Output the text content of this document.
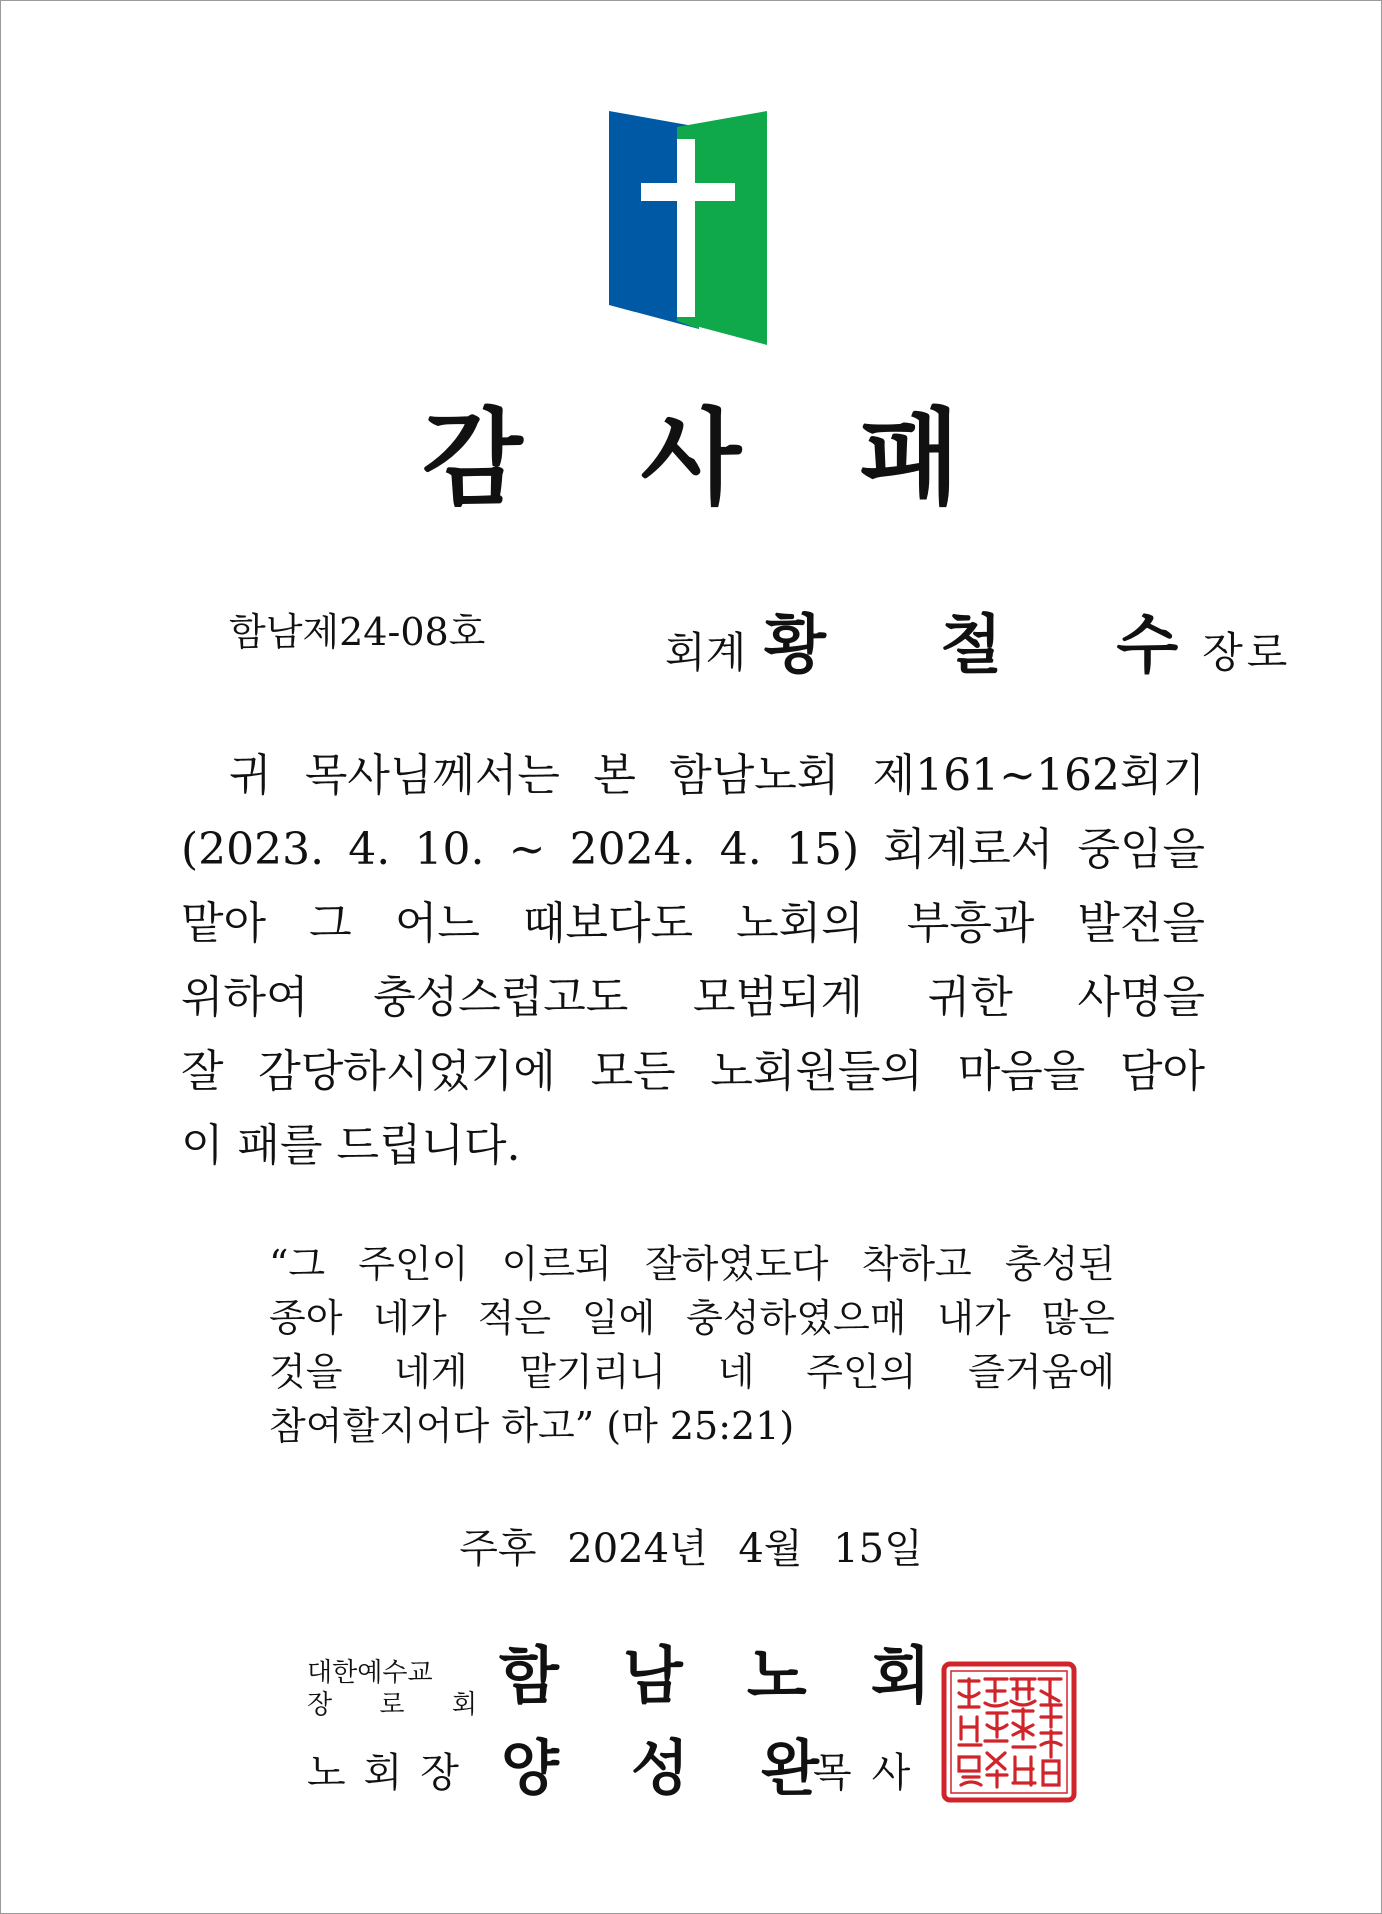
감 사 패
함남제24-08호	회계 황 철 수
장로
귀 목사님께서는 본 함남노회 제161~162회기
(2023. 4. 10. ~ 2024. 4. 15) 회계로서 중임을
맡아 그 어느 때보다도 노회의 부흥과 발전을
위하여 충성스럽고도 모범되게 귀한 사명을
잘 감당하시었기에 모든 노회원들의 마음을 담아
이 패를 드립니다.
“그 주인이 이르되 잘하였도다 착하고 충성된
종아 네가 적은 일에 충성하였으매 내가 많은
것을 네게 맡기리니 네 주인의 즐거움에
참여할지어다 하고” (마 25:21)
주후 2024년 4월 15일
대한예수교
장 로 회 함 남 노 회
노회장 양 성 완
목사
